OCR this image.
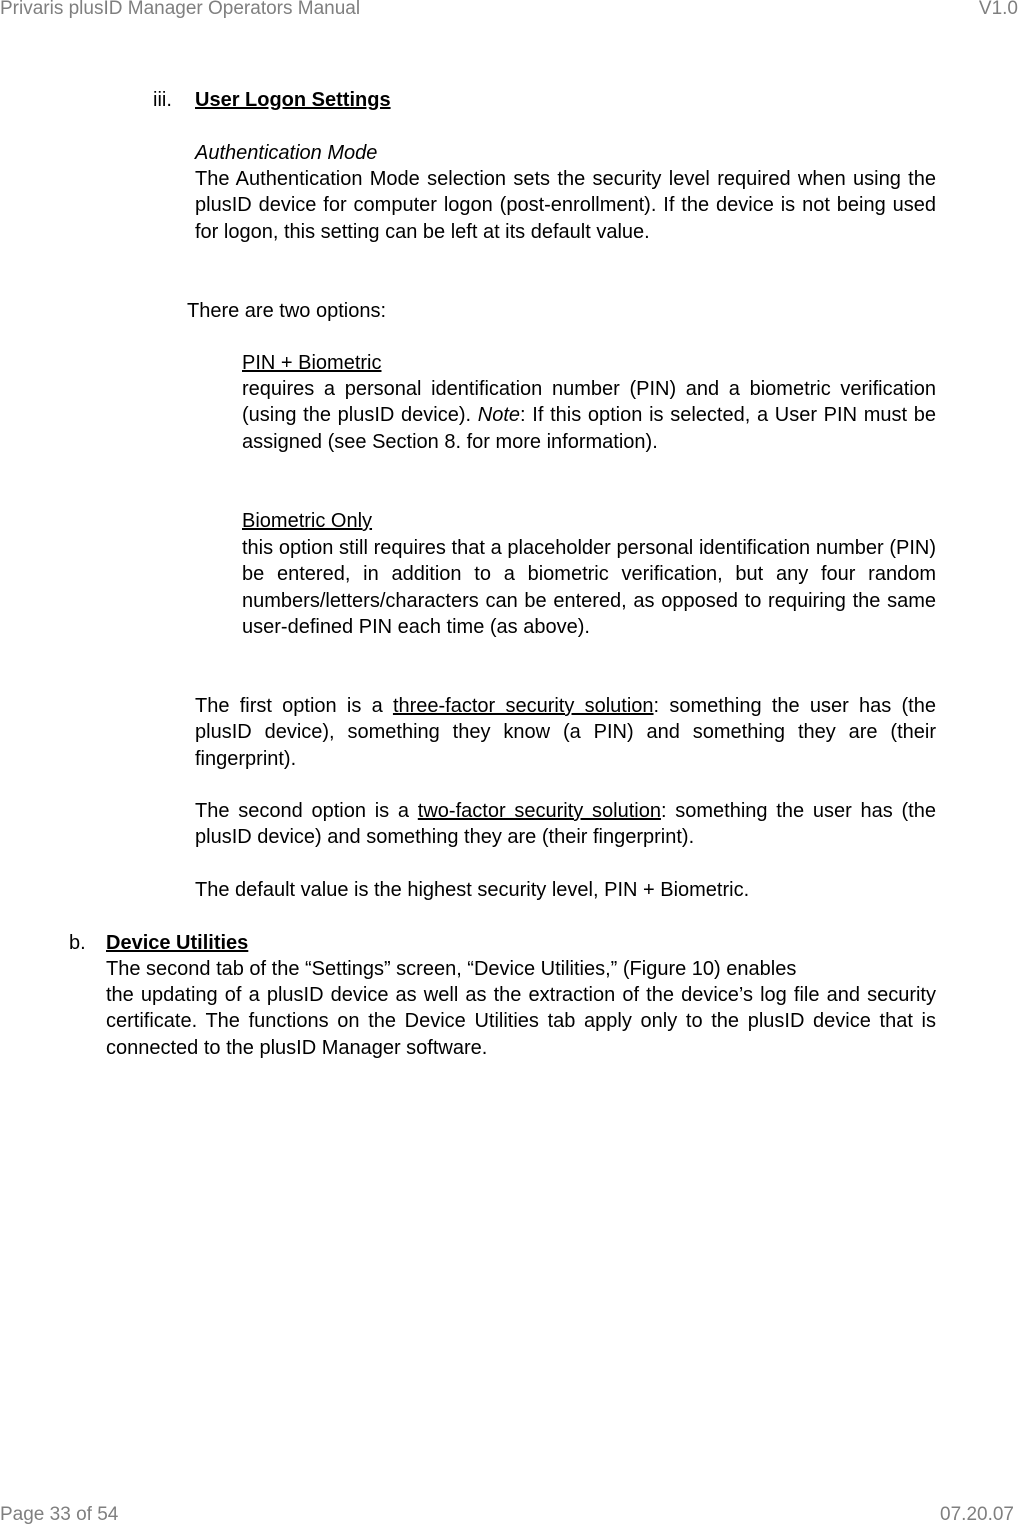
Privaris plusID Manager Operators Manual	V1.0
iii. User Logon Settings
Authentication Mode

The Authentication Mode selection sets the security level required when using the plusID device for computer logon (post-enrollment). If the device is not being used for logon, this setting can be left at its default value.

There are two options:
PIN + Biometric

requires a personal identification number (PIN) and a biometric verification (using the plusID device). Note: If this option is selected, a User PIN must be assigned (see Section 8. for more information).

Biometric Only

this option still requires that a placeholder personal identification number (PIN) be entered, in addition to a biometric verification, but any four random numbers/letters/characters can be entered, as opposed to requiring the same user-defined PIN each time (as above).

The first option is a three-factor security solution: something the user has (the plusID device), something they know (a PIN) and something they are (their fingerprint).

The second option is a two-factor security solution: something the user has (the plusID device) and something they are (their fingerprint).

The default value is the highest security level, PIN + Biometric.
b. Device Utilities
The second tab of the “Settings” screen, “Device Utilities,” (Figure 10) enables

the updating of a plusID device as well as the extraction of the device’s log file and security certificate. The functions on the Device Utilities tab apply only to the plusID device that is connected to the plusID Manager software.

Page 33 of 54	07.20.07
